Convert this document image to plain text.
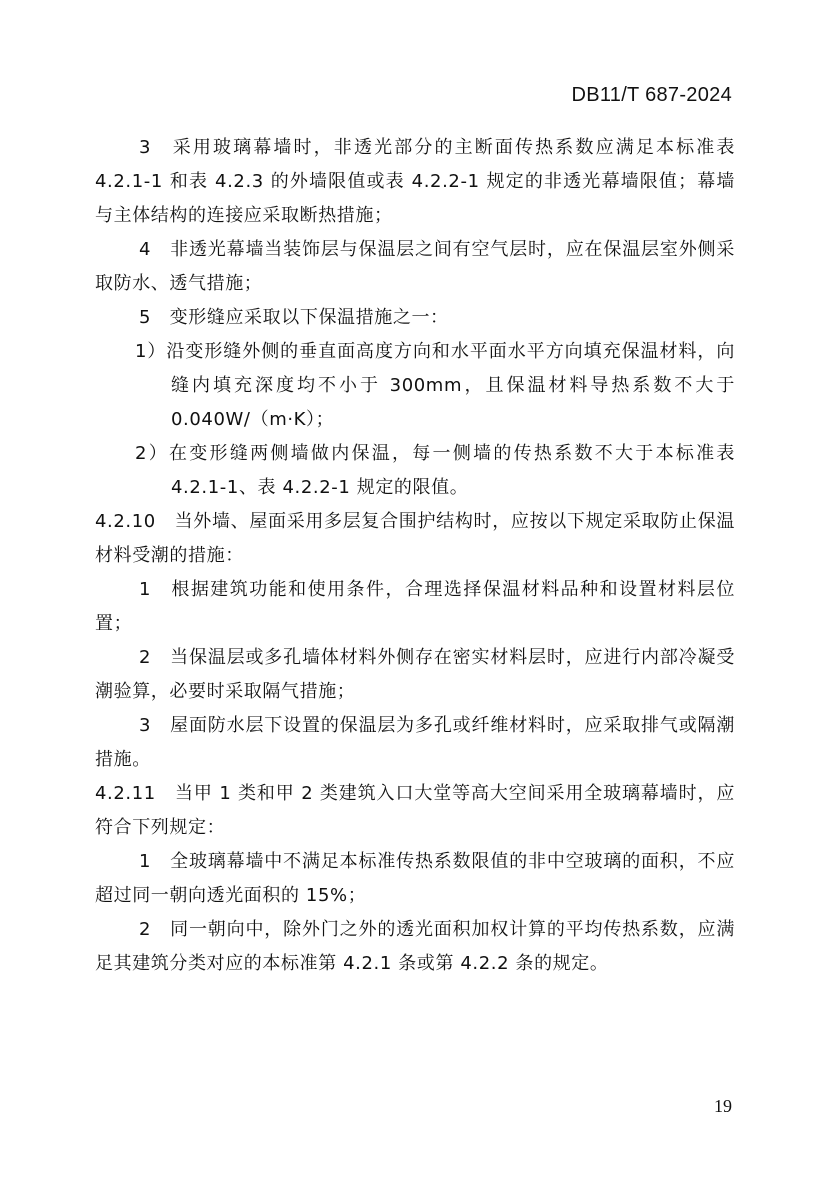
DB11/T 687-2024

3　采用玻璃幕墙时，非透光部分的主断面传热系数应满足本标准表 4.2.1-1 和表 4.2.3 的外墙限值或表 4.2.2-1 规定的非透光幕墙限值；幕墙与主体结构的连接应采取断热措施；

4　非透光幕墙当装饰层与保温层之间有空气层时，应在保温层室外侧采取防水、透气措施；

5　变形缝应采取以下保温措施之一：

1）沿变形缝外侧的垂直面高度方向和水平面水平方向填充保温材料，向缝内填充深度均不小于 300mm，且保温材料导热系数不大于 0.040W/（m·K）；

2）在变形缝两侧墙做内保温，每一侧墙的传热系数不大于本标准表 4.2.1-1、表 4.2.2-1 规定的限值。

4.2.10　当外墙、屋面采用多层复合围护结构时，应按以下规定采取防止保温材料受潮的措施：

1　根据建筑功能和使用条件，合理选择保温材料品种和设置材料层位置；

2　当保温层或多孔墙体材料外侧存在密实材料层时，应进行内部冷凝受潮验算，必要时采取隔气措施；

3　屋面防水层下设置的保温层为多孔或纤维材料时，应采取排气或隔潮措施。

4.2.11　当甲 1 类和甲 2 类建筑入口大堂等高大空间采用全玻璃幕墙时，应符合下列规定：

1　全玻璃幕墙中不满足本标准传热系数限值的非中空玻璃的面积，不应超过同一朝向透光面积的 15%；

2　同一朝向中，除外门之外的透光面积加权计算的平均传热系数，应满足其建筑分类对应的本标准第 4.2.1 条或第 4.2.2 条的规定。

19
